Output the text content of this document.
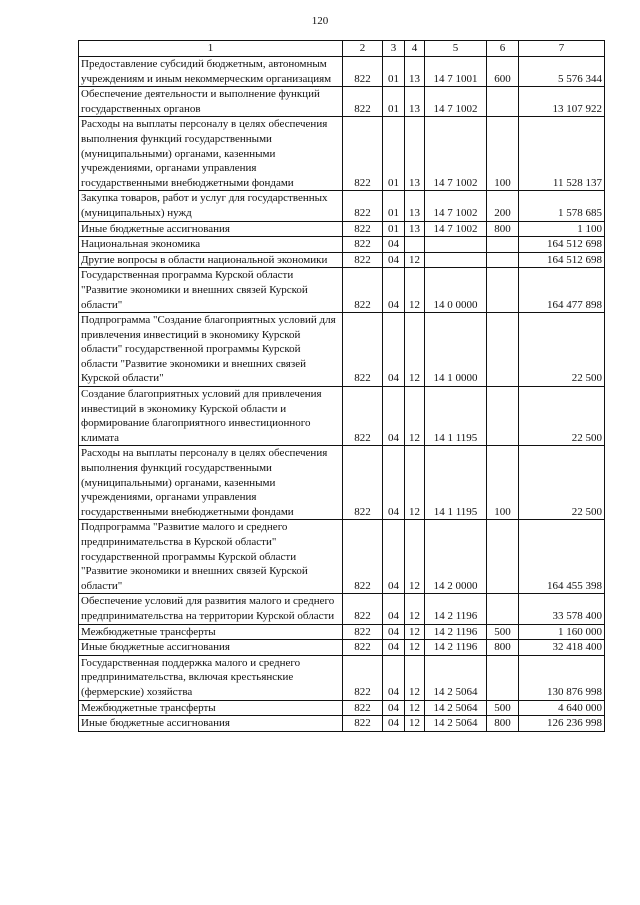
120
1	2	3	4	5	6	7
Предоставление субсидий бюджетным, автономным учреждениям и иным некоммерческим организациям	822	01	13	14 7 1001	600	5 576 344
Обеспечение деятельности и выполнение функций государственных органов	822	01	13	14 7 1002		13 107 922
Расходы на выплаты персоналу в целях обеспечения выполнения функций государственными (муниципальными) органами, казенными учреждениями, органами управления государственными внебюджетными фондами	822	01	13	14 7 1002	100	11 528 137
Закупка товаров, работ и услуг для государственных (муниципальных) нужд	822	01	13	14 7 1002	200	1 578 685
Иные бюджетные ассигнования	822	01	13	14 7 1002	800	1 100
Национальная экономика	822	04				164 512 698
Другие вопросы в области национальной экономики	822	04	12			164 512 698
Государственная программа Курской области "Развитие экономики и внешних связей Курской области"	822	04	12	14 0 0000		164 477 898
Подпрограмма "Создание благоприятных условий для привлечения инвестиций в экономику Курской области" государственной программы Курской области "Развитие экономики и внешних связей Курской области"	822	04	12	14 1 0000		22 500
Создание благоприятных условий для привлечения инвестиций в экономику Курской области и формирование благоприятного инвестиционного климата	822	04	12	14 1 1195		22 500
Расходы на выплаты персоналу в целях обеспечения выполнения функций государственными (муниципальными) органами, казенными учреждениями, органами управления государственными внебюджетными фондами	822	04	12	14 1 1195	100	22 500
Подпрограмма "Развитие малого и среднего предпринимательства в Курской области" государственной программы Курской области "Развитие экономики и внешних связей Курской области"	822	04	12	14 2 0000		164 455 398
Обеспечение условий для развития малого и среднего предпринимательства на территории Курской области	822	04	12	14 2 1196		33 578 400
Межбюджетные трансферты	822	04	12	14 2 1196	500	1 160 000
Иные бюджетные ассигнования	822	04	12	14 2 1196	800	32 418 400
Государственная поддержка малого и среднего предпринимательства, включая крестьянские (фермерские) хозяйства	822	04	12	14 2 5064		130 876 998
Межбюджетные трансферты	822	04	12	14 2 5064	500	4 640 000
Иные бюджетные ассигнования	822	04	12	14 2 5064	800	126 236 998
